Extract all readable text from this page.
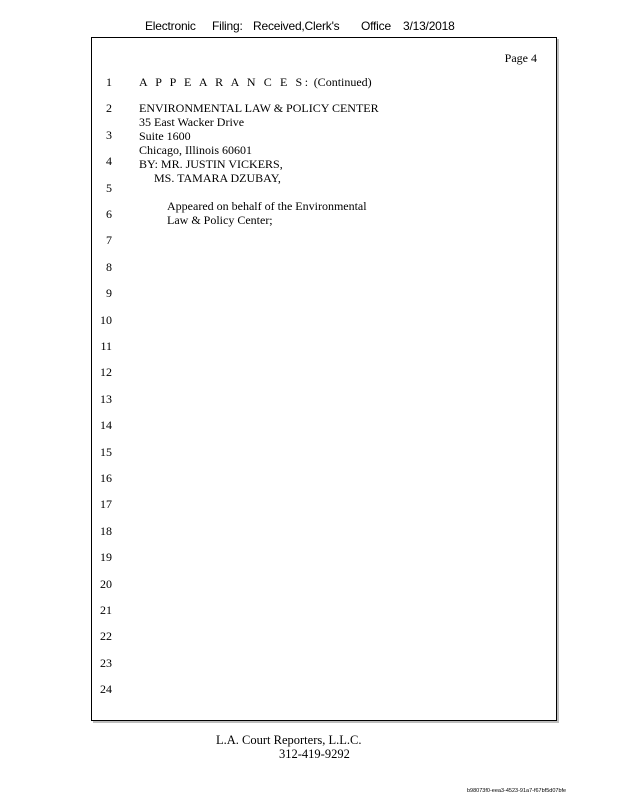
Electronic Filing: Received,Clerk's Office 3/13/2018
Page 4
1
2
3
4
5
6
7
8
9
10
11
12
13
14
15
16
17
18
19
20
21
22
23
24
A P P E A R A N C E S: (Continued)
ENVIRONMENTAL LAW & POLICY CENTER
35 East Wacker Drive
Suite 1600
Chicago, Illinois 60601
BY: MR. JUSTIN VICKERS,
MS. TAMARA DZUBAY,
Appeared on behalf of the Environmental
Law & Policy Center;
L.A. Court Reporters, L.L.C.
312-419-9292
b98073f0-eea3-4523-91a7-f67bf5d07bfe
